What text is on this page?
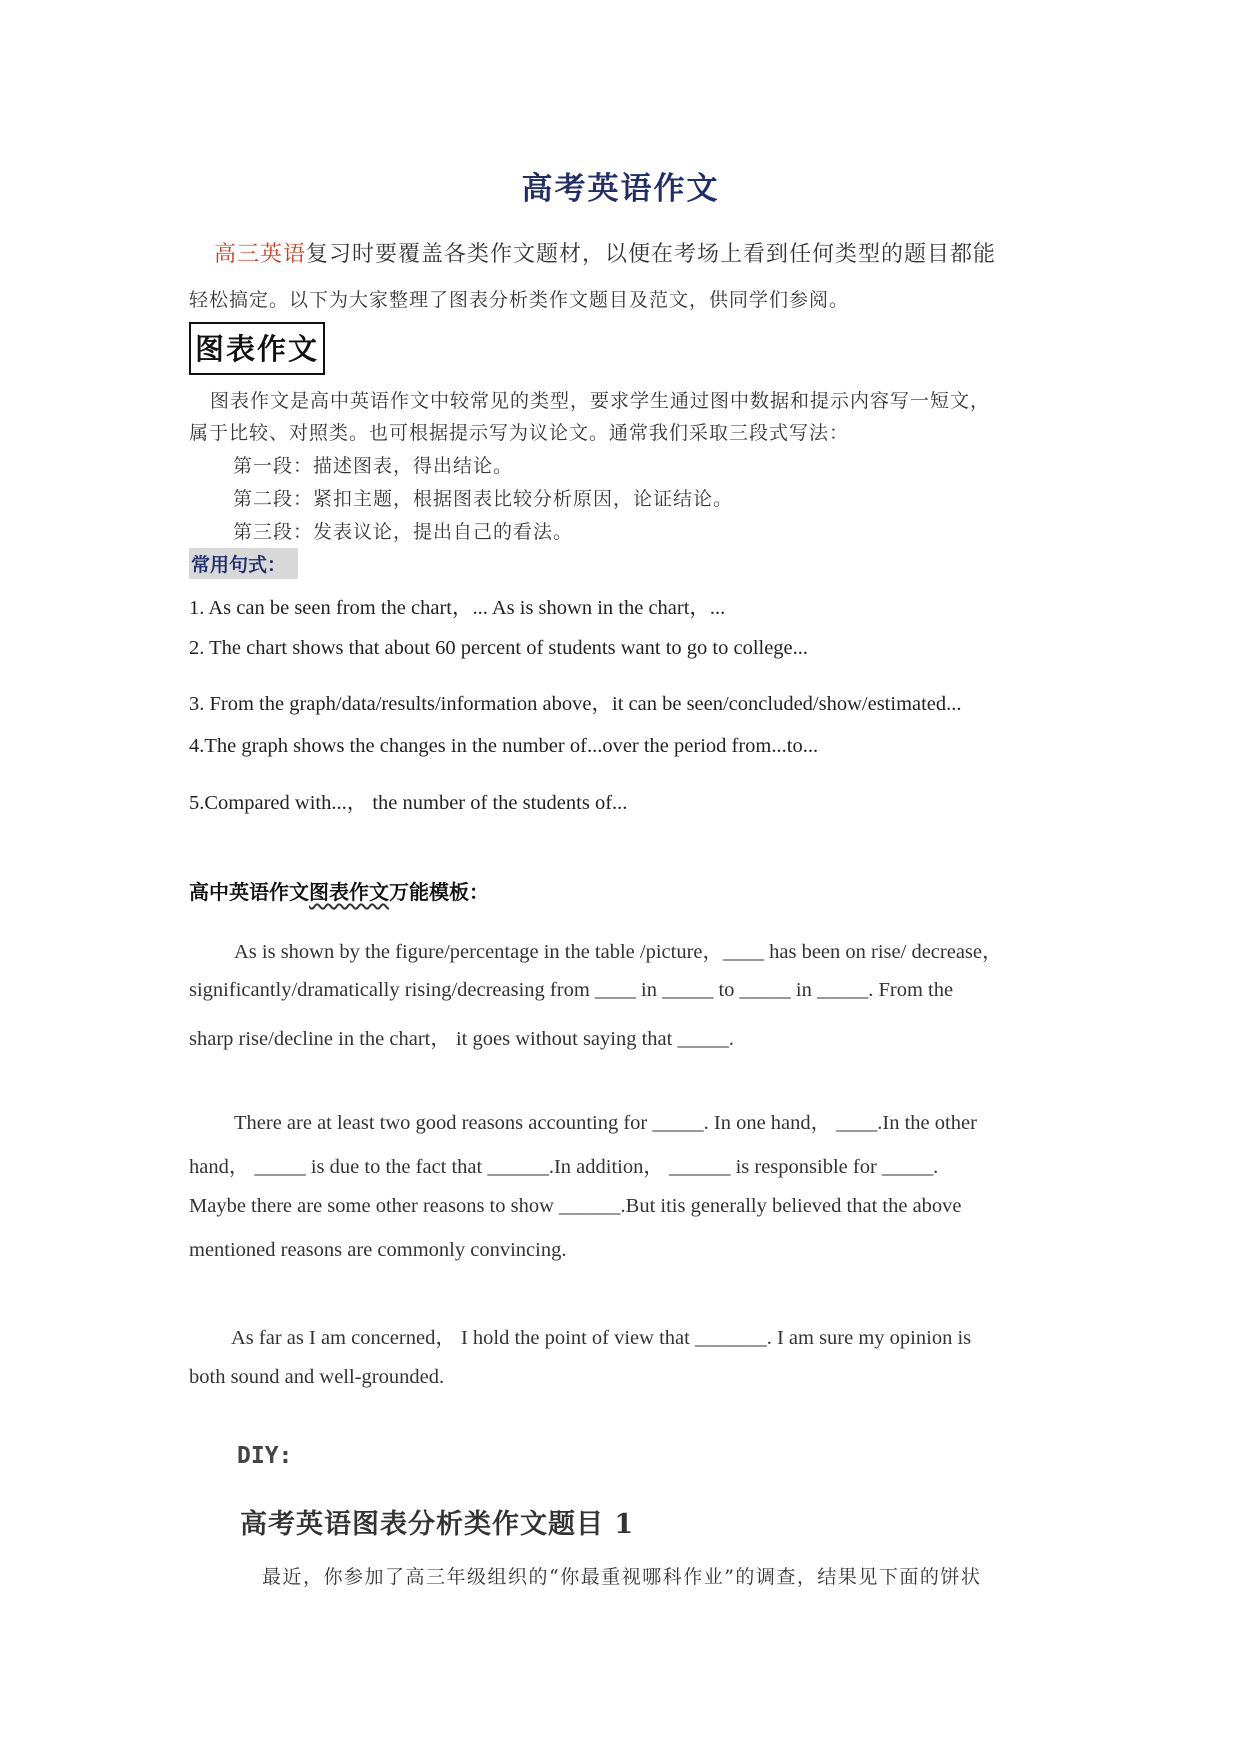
高考英语作文
高三英语复习时要覆盖各类作文题材，以便在考场上看到任何类型的题目都能
轻松搞定。以下为大家整理了图表分析类作文题目及范文，供同学们参阅。
图表作文
图表作文是高中英语作文中较常见的类型，要求学生通过图中数据和提示内容写一短文，
属于比较、对照类。也可根据提示写为议论文。通常我们采取三段式写法：
第一段：描述图表，得出结论。
第二段：紧扣主题，根据图表比较分析原因，论证结论。
第三段：发表议论，提出自己的看法。
常用句式：
1. As can be seen from the chart，... As is shown in the chart，...
2. The chart shows that about 60 percent of students want to go to college...
3. From the graph/data/results/information above，it can be seen/concluded/show/estimated...
4.The graph shows the changes in the number of...over the period from...to...
5.Compared with...， the number of the students of...
高中英语作文图表作文万能模板：
As is shown by the figure/percentage in the table /picture，____ has been on rise/ decrease，
significantly/dramatically rising/decreasing from ____ in _____ to _____ in _____. From the
sharp rise/decline in the chart， it goes without saying that _____.
There are at least two good reasons accounting for _____. In one hand， ____.In the other
hand， _____ is due to the fact that ______.In addition， ______ is responsible for _____.
Maybe there are some other reasons to show ______.But itis generally believed that the above
mentioned reasons are commonly convincing.
As far as I am concerned， I hold the point of view that _______. I am sure my opinion is
both sound and well-grounded.
DIY:
高考英语图表分析类作文题目 1
最近，你参加了高三年级组织的“你最重视哪科作业”的调查，结果见下面的饼状
